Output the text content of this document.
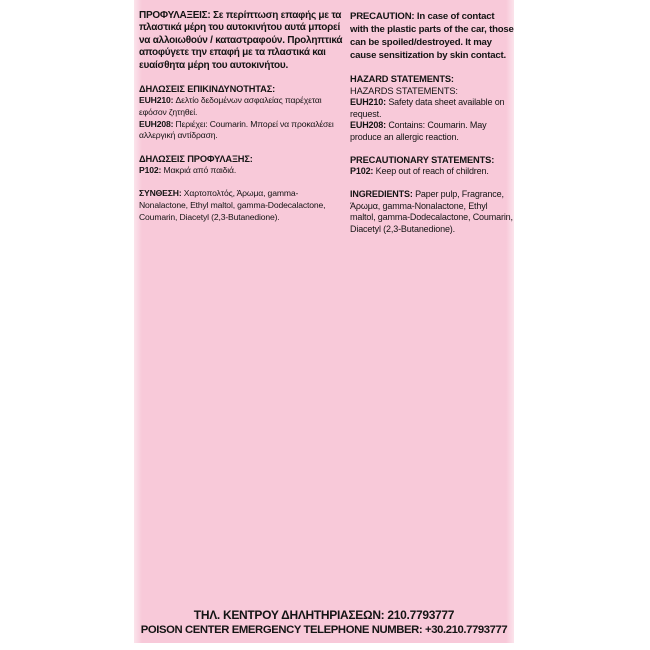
ΠΡΟΦΥΛΑΞΕΙΣ: Σε περίπτωση επαφής με τα πλαστικά μέρη του αυτοκινήτου αυτά μπορεί να αλλοιωθούν / καταστραφούν. Προληπτικά αποφύγετε την επαφή με τα πλαστικά και ευαίσθητα μέρη του αυτοκινήτου.

ΔΗΛΩΣΕΙΣ ΕΠΙΚΙΝΔΥΝΟΤΗΤΑΣ:

EUH210: Δελτίο δεδομένων ασφαλείας παρέχεται εφόσον ζητηθεί.

EUH208: Περιέχει: Coumarin. Μπορεί να προκαλέσει αλλεργική αντίδραση.

ΔΗΛΩΣΕΙΣ ΠΡΟΦΥΛΑΞΗΣ:

P102: Μακριά από παιδιά.

ΣΥΝΘΕΣΗ: Χαρτοπολτός, Άρωμα, gamma-Nonalactone, Ethyl maltol, gamma-Dodecalactone, Coumarin, Diacetyl (2,3-Butanedione).

PRECAUTION: In case of contact with the plastic parts of the car, those can be spoiled/destroyed. It may cause sensitization by skin contact.

HAZARD STATEMENTS:

HAZARDS STATEMENTS:

EUH210: Safety data sheet available on request.

EUH208: Contains: Coumarin. May produce an allergic reaction.

PRECAUTIONARY STATEMENTS:

P102: Keep out of reach of children.

INGREDIENTS: Paper pulp, Fragrance, Άρωμα, gamma-Nonalactone, Ethyl maltol, gamma-Dodecalactone, Coumarin, Diacetyl (2,3-Butanedione).

ΤΗΛ. ΚΕΝΤΡΟΥ ΔΗΛΗΤΗΡΙΑΣΕΩΝ: 210.7793777
POISON CENTER EMERGENCY TELEPHONE NUMBER: +30.210.7793777
